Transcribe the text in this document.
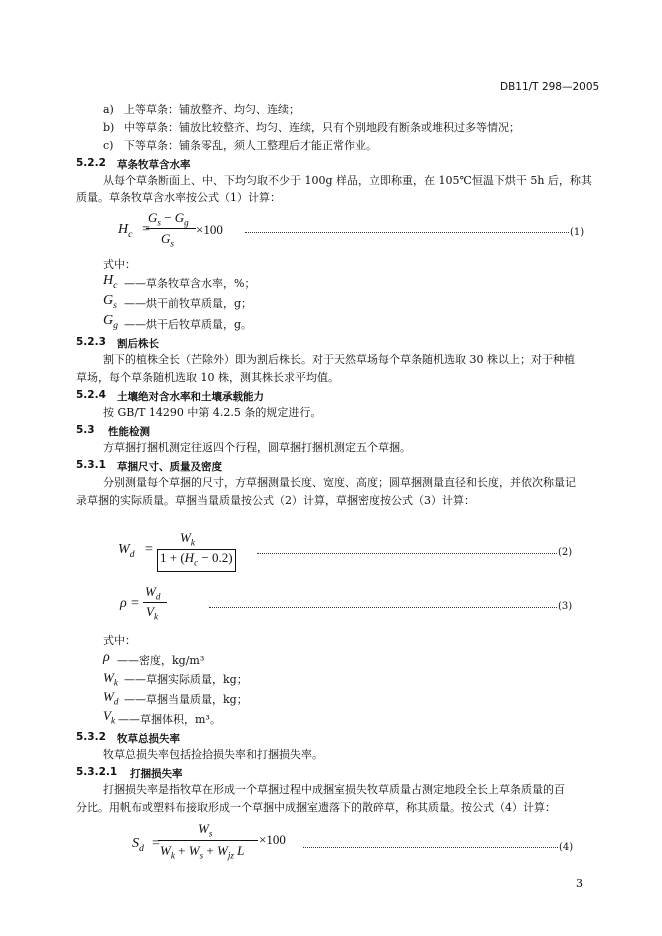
DB11/T 298—2005
a) 上等草条：铺放整齐、均匀、连续；
b) 中等草条：铺放比较整齐、均匀、连续，只有个别地段有断条或堆积过多等情况；
c) 下等草条：铺条零乱，须人工整理后才能正常作业。
5.2.2 草条牧草含水率
从每个草条断面上、中、下均匀取不少于 100g 样品，立即称重，在 105℃恒温下烘干 5h 后，称其
质量。草条牧草含水率按公式（1）计算：
$H_c$ =
$G_s - G_g$
$G_s$
×100	(1)
式中：
$H_c$ ——草条牧草含水率，%；
$G_s$ ——烘干前牧草质量，g；
$G_g$ ——烘干后牧草质量，g。
5.2.3 割后株长
割下的植株全长（芒除外）即为割后株长。对于天然草场每个草条随机选取 30 株以上；对于种植
草场，每个草条随机选取 10 株，测其株长求平均值。
5.2.4 土壤绝对含水率和土壤承载能力
按 GB/T 14290 中第 4.2.5 条的规定进行。
5.3 性能检测
方草捆打捆机测定往返四个行程，圆草捆打捆机测定五个草捆。
5.3.1 草捆尺寸、质量及密度
分别测量每个草捆的尺寸，方草捆测量长度、宽度、高度；圆草捆测量直径和长度，并依次称量记
录草捆的实际质量。草捆当量质量按公式（2）计算，草捆密度按公式（3）计算：
$W_d$ =
$W_k$
$1 + (H_c - 0.2)$	(2)
ρ =
$W_d$
$V_k$
(3)
式中：
ρ ——密度，kg/m³
$W_k$ ——草捆实际质量，kg；
$W_d$ ——草捆当量质量，kg；
$V_k$ ——草捆体积，m³。
5.3.2 牧草总损失率
牧草总损失率包括捡拾损失率和打捆损失率。
5.3.2.1 打捆损失率
打捆损失率是指牧草在形成一个草捆过程中成捆室损失牧草质量占测定地段全长上草条质量的百
分比。用帆布或塑料布接取形成一个草捆中成捆室遗落下的散碎草，称其质量。按公式（4）计算：
$S_d$ =
$W_s$
$W_k + W_s + W_{jz}$ L
×100
(4)
3
